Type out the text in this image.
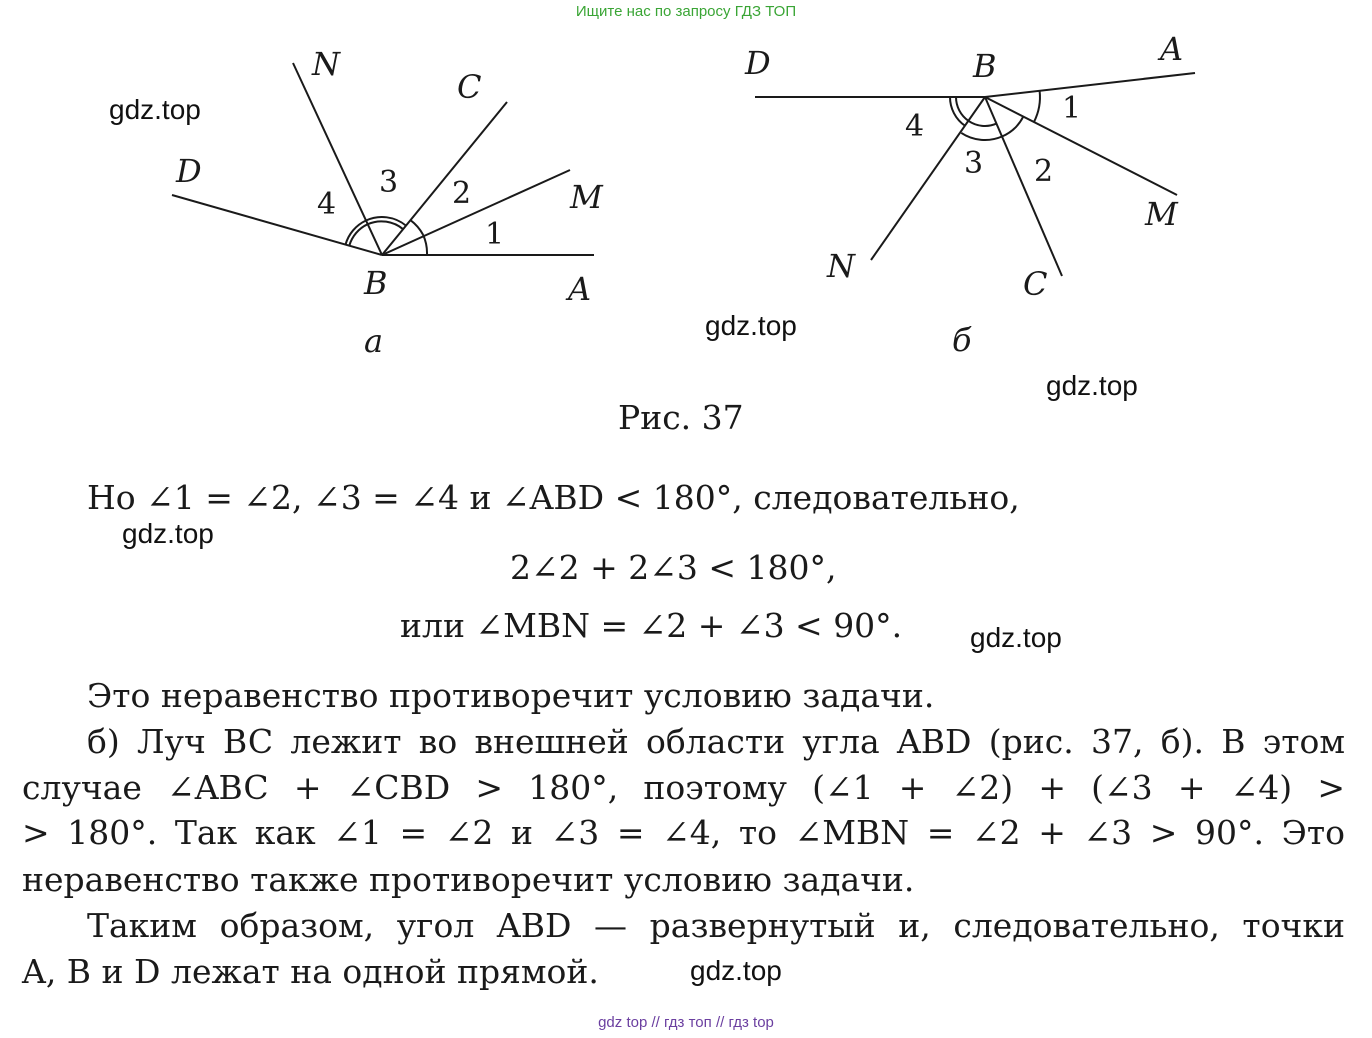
Ищите нас по запросу ГДЗ ТОП
N
C
D
M
B	A
1
2
3
4
а
D	B	A
M
N	C
1
2
3
4
б
gdz.top
gdz.top
gdz.top
Рис. 37
Но ∠1 = ∠2, ∠3 = ∠4 и ∠ABD < 180°, следовательно,
gdz.top
2∠2 + 2∠3 < 180°,
или ∠MBN = ∠2 + ∠3 < 90°. gdz.top
Это неравенство противоречит условию задачи.
б) Луч BC лежит во внешней области угла ABD (рис. 37, б). В этом
случае ∠ABC + ∠CBD > 180°, поэтому (∠1 + ∠2) + (∠3 + ∠4) >
> 180°. Так как ∠1 = ∠2 и ∠3 = ∠4, то ∠MBN = ∠2 + ∠3 > 90°. Это
неравенство также противоречит условию задачи.
Таким образом, угол ABD — развернутый и, следовательно, точки
A, B и D лежат на одной прямой.	gdz.top
gdz top // гдз топ // гдз top
